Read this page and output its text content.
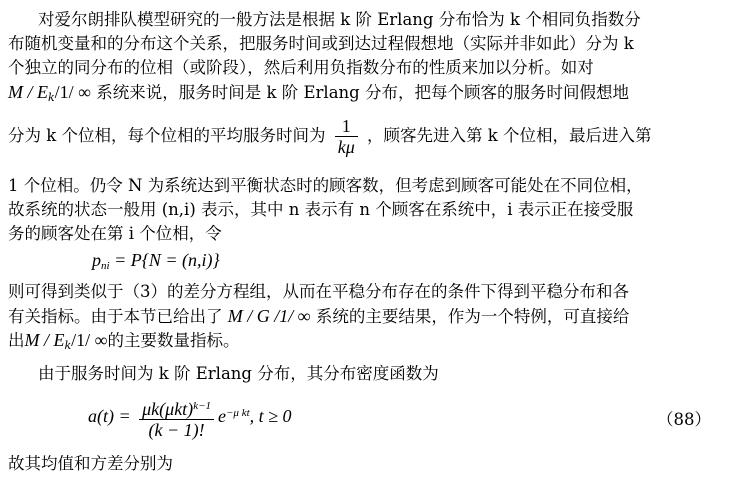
对爱尔朗排队模型研究的一般方法是根据 k 阶 Erlang 分布恰为 k 个相同负指数分
布随机变量和的分布这个关系，把服务时间或到达过程假想地（实际并非如此）分为 k
个独立的同分布的位相（或阶段），然后利用负指数分布的性质来加以分析。如对
M / $E_k/1/$ ∞ 系统来说，服务时间是 k 阶 Erlang 分布，把每个顾客的服务时间假想地
分为 k 个位相，每个位相的平均服务时间为 $\frac{1}{k\mu}$ ，顾客先进入第 k 个位相，最后进入第
1 个位相。仍令 N 为系统达到平衡状态时的顾客数，但考虑到顾客可能处在不同位相，
故系统的状态一般用 (n,i) 表示，其中 n 表示有 n 个顾客在系统中，i 表示正在接受服
务的顾客处在第 i 个位相，令
$p_{ni} = P\{N = (n,i)\}$
则可得到类似于（3）的差分方程组，从而在平稳分布存在的条件下得到平稳分布和各
有关指标。由于本节已给出了 M / G /1/ ∞ 系统的主要结果，作为一个特例，可直接给
出M / $E_k/1/$ ∞的主要数量指标。
由于服务时间为 k 阶 Erlang 分布，其分布密度函数为
$a(t) = \frac{\mu k(\mu kt)^{k-1}}{(k - 1)!} e^{-\mu kt}$, t ≥ 0	（88）
故其均值和方差分别为
